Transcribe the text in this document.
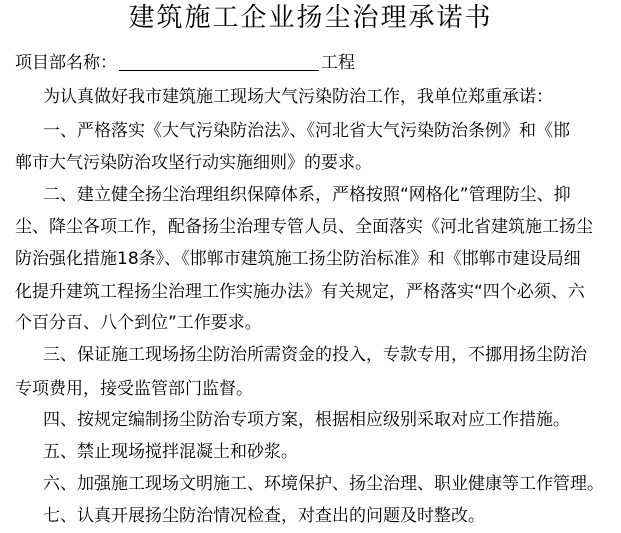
建筑施工企业扬尘治理承诺书
项目部名称：	工程
为认真做好我市建筑施工现场大气污染防治工作，我单位郑重承诺：
一、严格落实《大气污染防治法》、《河北省大气污染防治条例》和《邯
郸市大气污染防治攻坚行动实施细则》的要求。
二、建立健全扬尘治理组织保障体系，严格按照“网格化”管理防尘、抑
尘、降尘各项工作，配备扬尘治理专管人员、全面落实《河北省建筑施工扬尘
防治强化措施18条》、《邯郸市建筑施工扬尘防治标准》和《邯郸市建设局细
化提升建筑工程扬尘治理工作实施办法》有关规定，严格落实“四个必须、六
个百分百、八个到位”工作要求。
三、保证施工现场扬尘防治所需资金的投入，专款专用，不挪用扬尘防治
专项费用，接受监管部门监督。
四、按规定编制扬尘防治专项方案，根据相应级别采取对应工作措施。
五、禁止现场搅拌混凝土和砂浆。
六、加强施工现场文明施工、环境保护、扬尘治理、职业健康等工作管理。
七、认真开展扬尘防治情况检查，对查出的问题及时整改。
